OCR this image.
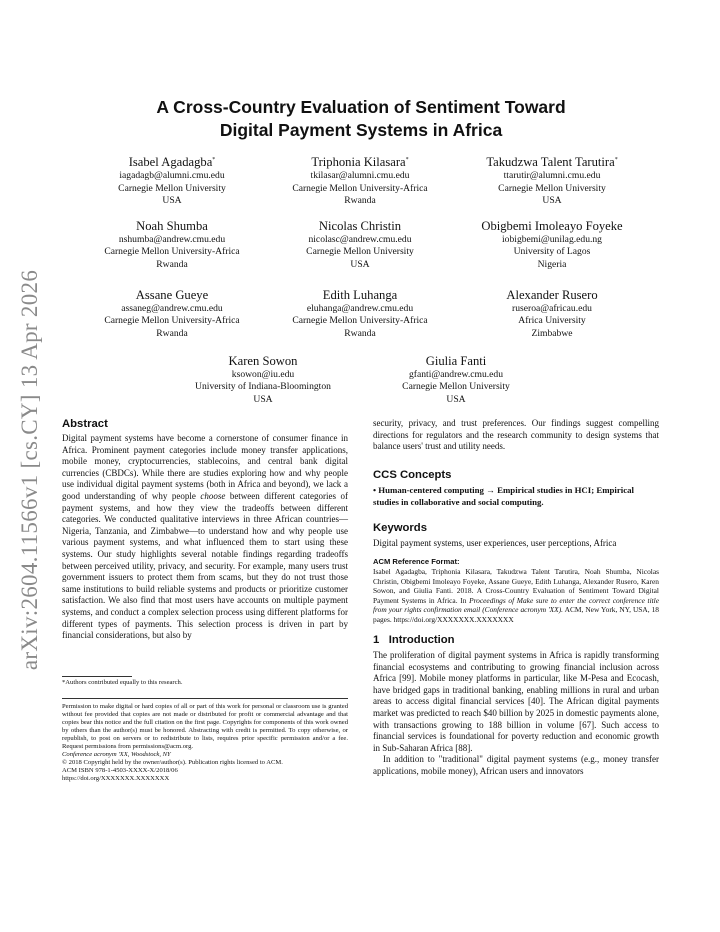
arXiv:2604.11566v1 [cs.CY] 13 Apr 2026
A Cross-Country Evaluation of Sentiment Toward
Digital Payment Systems in Africa
Isabel Agadagba*
iagadagb@alumni.cmu.edu
Carnegie Mellon University
USA
Triphonia Kilasara*
tkilasar@alumni.cmu.edu
Carnegie Mellon University-Africa
Rwanda
Takudzwa Talent Tarutira*
ttarutir@alumni.cmu.edu
Carnegie Mellon University
USA
Noah Shumba
nshumba@andrew.cmu.edu
Carnegie Mellon University-Africa
Rwanda
Nicolas Christin
nicolasc@andrew.cmu.edu
Carnegie Mellon University
USA
Obigbemi Imoleayo Foyeke
iobigbemi@unilag.edu.ng
University of Lagos
Nigeria
Assane Gueye
assaneg@andrew.cmu.edu
Carnegie Mellon University-Africa
Rwanda
Edith Luhanga
eluhanga@andrew.cmu.edu
Carnegie Mellon University-Africa
Rwanda
Alexander Rusero
ruseroa@africau.edu
Africa University
Zimbabwe
Karen Sowon
ksowon@iu.edu
University of Indiana-Bloomington
USA
Giulia Fanti
gfanti@andrew.cmu.edu
Carnegie Mellon University
USA
Abstract
Digital payment systems have become a cornerstone of consumer finance in Africa. Prominent payment categories include money transfer applications, mobile money, cryptocurrencies, stablecoins, and central bank digital currencies (CBDCs). While there are studies exploring how and why people use individual digital payment systems (both in Africa and beyond), we lack a good understanding of why people choose between different categories of payment systems, and how they view the tradeoffs between different categories. We conducted qualitative interviews in three African countries—Nigeria, Tanzania, and Zimbabwe—to understand how and why people use various payment systems, and what influenced them to start using these systems. Our study highlights several notable findings regarding tradeoffs between perceived utility, privacy, and security. For example, many users trust government issuers to protect them from scams, but they do not trust those same institutions to build reliable systems and products or prioritize customer satisfaction. We also find that most users have accounts on multiple payment systems, and conduct a complex selection process using different platforms for different types of payments. This selection process is driven in part by financial considerations, but also by
*Authors contributed equally to this research.
Permission to make digital or hard copies of all or part of this work for personal or classroom use is granted without fee provided that copies are not made or distributed for profit or commercial advantage and that copies bear this notice and the full citation on the first page. Copyrights for components of this work owned by others than the author(s) must be honored. Abstracting with credit is permitted. To copy otherwise, or republish, to post on servers or to redistribute to lists, requires prior specific permission and/or a fee. Request permissions from permissions@acm.org.
Conference acronym 'XX, Woodstock, NY
© 2018 Copyright held by the owner/author(s). Publication rights licensed to ACM.
ACM ISBN 978-1-4503-XXXX-X/2018/06
https://doi.org/XXXXXXX.XXXXXXX
security, privacy, and trust preferences. Our findings suggest compelling directions for regulators and the research community to design systems that balance users' trust and utility needs.
CCS Concepts
• Human-centered computing → Empirical studies in HCI; Empirical studies in collaborative and social computing.
Keywords
Digital payment systems, user experiences, user perceptions, Africa
ACM Reference Format:
Isabel Agadagba, Triphonia Kilasara, Takudzwa Talent Tarutira, Noah Shumba, Nicolas Christin, Obigbemi Imoleayo Foyeke, Assane Gueye, Edith Luhanga, Alexander Rusero, Karen Sowon, and Giulia Fanti. 2018. A Cross-Country Evaluation of Sentiment Toward Digital Payment Systems in Africa. In Proceedings of Make sure to enter the correct conference title from your rights confirmation email (Conference acronym 'XX). ACM, New York, NY, USA, 18 pages. https://doi.org/XXXXXXX.XXXXXXX
1   Introduction

The proliferation of digital payment systems in Africa is rapidly transforming financial ecosystems and contributing to growing financial inclusion across Africa [99]. Mobile money platforms in particular, like M-Pesa and Ecocash, have bridged gaps in traditional banking, enabling millions in rural and urban areas to access digital financial services [40]. The African digital payments market was predicted to reach $40 billion by 2025 in domestic payments alone, with transactions growing to 188 billion in volume [67]. Such access to financial services is foundational for poverty reduction and economic growth in Sub-Saharan Africa [88].

In addition to "traditional" digital payment systems (e.g., money transfer applications, mobile money), African users and innovators
